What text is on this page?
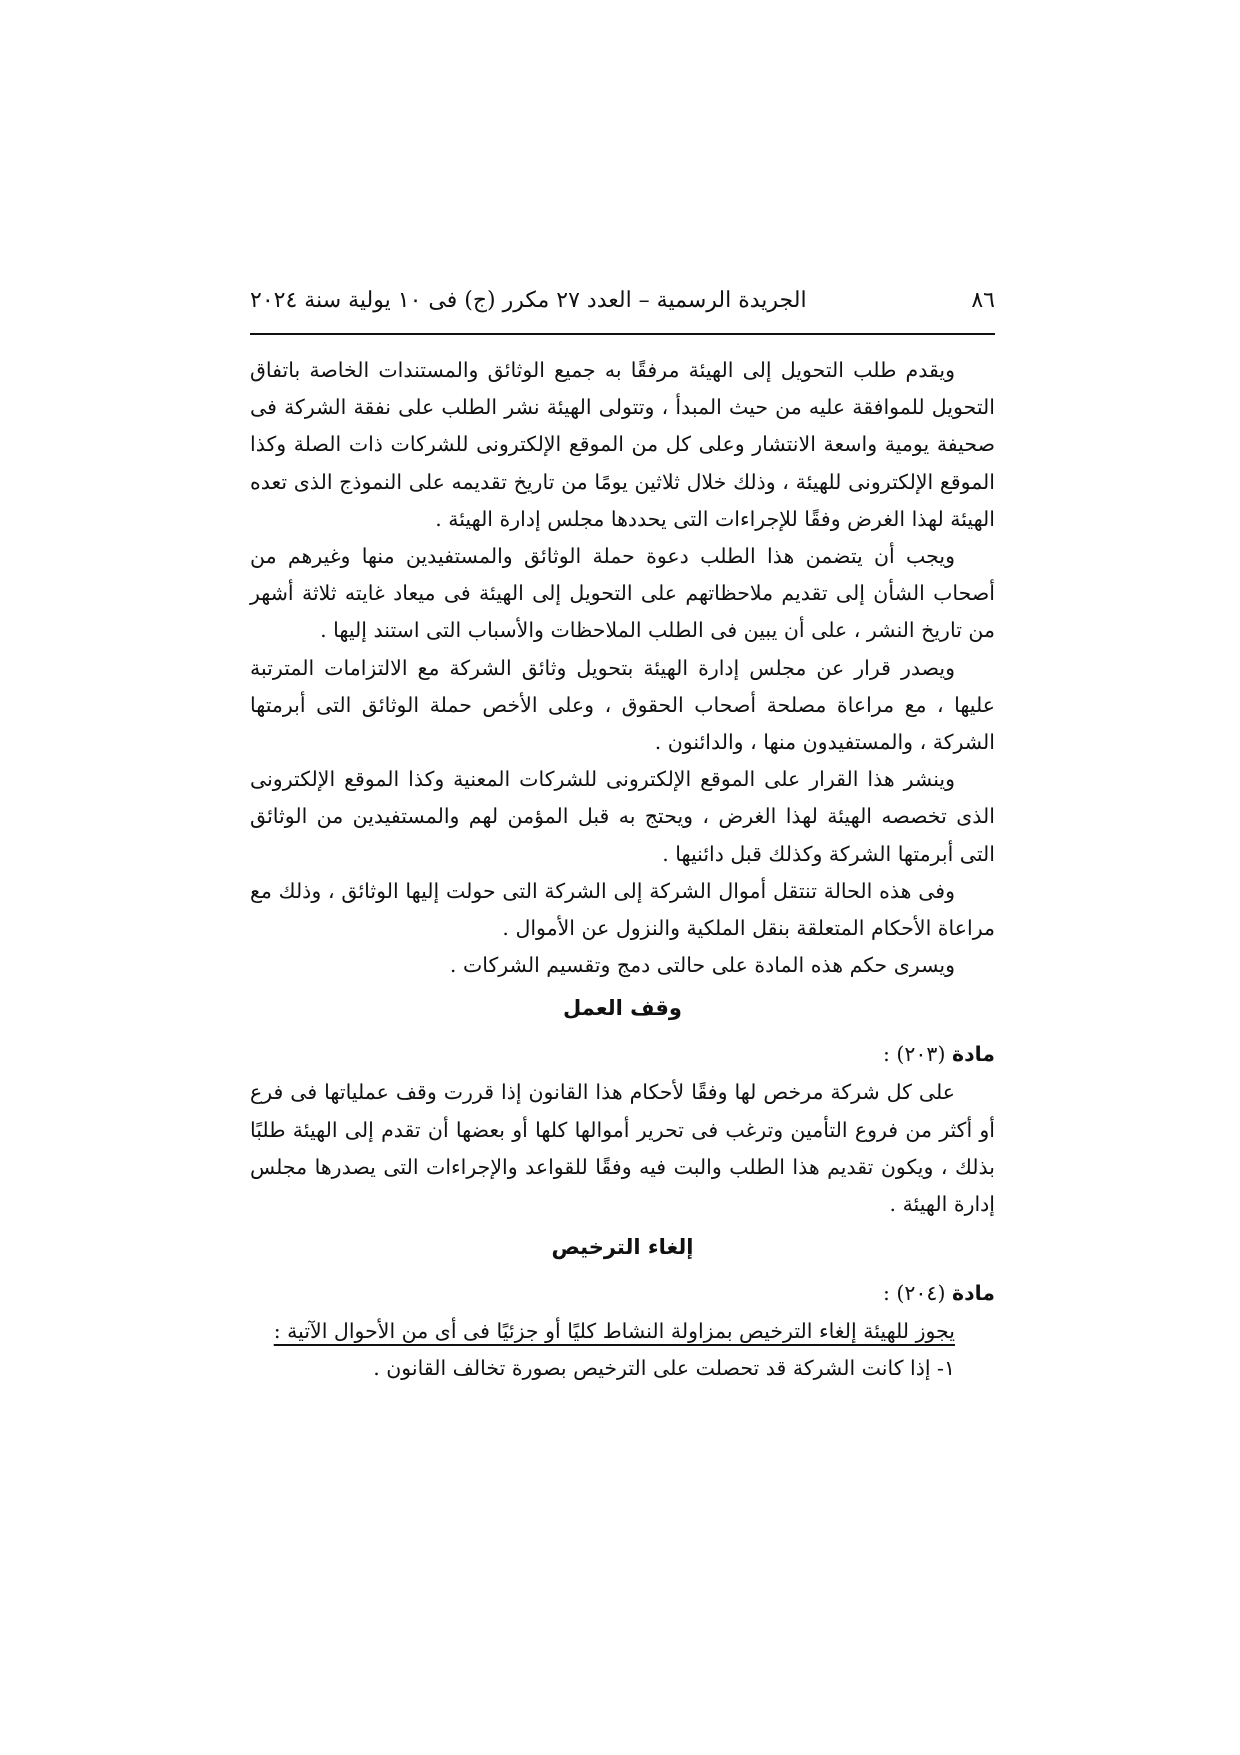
٨٦
الجريدة الرسمية – العدد ٢٧ مكرر (ج) فى ١٠ يولية سنة ٢٠٢٤

ويقدم طلب التحويل إلى الهيئة مرفقًا به جميع الوثائق والمستندات الخاصة باتفاق التحويل للموافقة عليه من حيث المبدأ ، وتتولى الهيئة نشر الطلب على نفقة الشركة فى صحيفة يومية واسعة الانتشار وعلى كل من الموقع الإلكترونى للشركات ذات الصلة وكذا الموقع الإلكترونى للهيئة ، وذلك خلال ثلاثين يومًا من تاريخ تقديمه على النموذج الذى تعده الهيئة لهذا الغرض وفقًا للإجراءات التى يحددها مجلس إدارة الهيئة .

ويجب أن يتضمن هذا الطلب دعوة حملة الوثائق والمستفيدين منها وغيرهم من أصحاب الشأن إلى تقديم ملاحظاتهم على التحويل إلى الهيئة فى ميعاد غايته ثلاثة أشهر من تاريخ النشر ، على أن يبين فى الطلب الملاحظات والأسباب التى استند إليها .

ويصدر قرار عن مجلس إدارة الهيئة بتحويل وثائق الشركة مع الالتزامات المترتبة عليها ، مع مراعاة مصلحة أصحاب الحقوق ، وعلى الأخص حملة الوثائق التى أبرمتها الشركة ، والمستفيدون منها ، والدائنون .

وينشر هذا القرار على الموقع الإلكترونى للشركات المعنية وكذا الموقع الإلكترونى الذى تخصصه الهيئة لهذا الغرض ، ويحتج به قبل المؤمن لهم والمستفيدين من الوثائق التى أبرمتها الشركة وكذلك قبل دائنيها .

وفى هذه الحالة تنتقل أموال الشركة إلى الشركة التى حولت إليها الوثائق ، وذلك مع مراعاة الأحكام المتعلقة بنقل الملكية والنزول عن الأموال .

ويسرى حكم هذه المادة على حالتى دمج وتقسيم الشركات .

وقف العمل
مادة (٢٠٣) :

على كل شركة مرخص لها وفقًا لأحكام هذا القانون إذا قررت وقف عملياتها فى فرع أو أكثر من فروع التأمين وترغب فى تحرير أموالها كلها أو بعضها أن تقدم إلى الهيئة طلبًا بذلك ، ويكون تقديم هذا الطلب والبت فيه وفقًا للقواعد والإجراءات التى يصدرها مجلس إدارة الهيئة .

إلغاء الترخيص
مادة (٢٠٤) :

يجوز للهيئة إلغاء الترخيص بمزاولة النشاط كليًا أو جزئيًا فى أى من الأحوال الآتية :

١- إذا كانت الشركة قد تحصلت على الترخيص بصورة تخالف القانون .
